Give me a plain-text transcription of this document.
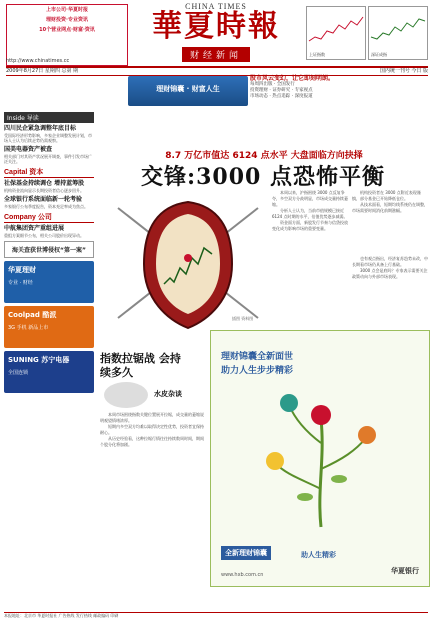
上市公司·华夏时报
理财投资·专业资讯
10个营业网点·财富·资讯
http://www.chinatimes.cc
CHINA TIMES
華夏時報
财经新闻	上证指数	深证成指
2009年8月27日 星期四 总第 期	国内统一刊号 今日 版
理财锦囊 · 财富人生
股市风云变幻，让它即刻明朗。
每周四出版 · 全国发行
投资理财 · 证券研究 · 专家视点
市场动态 · 热点追踪 · 深度报道
Inside 导读
四川民企紧急调整年底目标
受国际经济形势影响，多家企业调整发展计划，市场人士认为后续走势仍需观察。
国美电器资产被查
相关部门对其资产状况展开调查，事件引发市场广泛关注。
Capital 资本
社保基金持续调仓 增持蓝筹股
机构资金流向显示长期投资者信心逐步回升。
全球银行系统面临新一轮考验
多家银行公布季度报告，资本充足率成为焦点。
Company 公司
中航集团资产重组进展
重组方案细节公布，相关公司股价出现异动。
海关查获世博侵权“第一案”
华夏理财
专业 · 财经
Coolpad 酷派
3G 手机 新品上市
SUNING 苏宁电器
全国连锁
8.7 万亿市值达 6124 点水平 大盘面临方向抉择
交锋:3000 点恐怖平衡
插图 资料图
本周以来，沪指围绕 3000 点反复争夺，多空双方分歧明显，市场成交量持续萎缩。
分析人士认为，当前市值规模已接近 6124 点时期的水平，估值优势逐步减弱。
资金面方面，新股发行节奏与信贷投放变化成为影响市场的重要变量。
机构投资者在 3000 点附近表现谨慎，部分基金已开始降低仓位。
从技术面看，短期均线系统仍在调整，市场需要时间消化前期涨幅。
也有观点指出，经济复苏趋势未改，中长期看市场仍具备上行基础。
3000 点会是底吗？专家表示需要关注政策动向与外部市场表现。
指数拉锯战 会持续多久
水皮杂谈
本周市场围绕指数关键位置展开拉锯，成交量的萎缩说明观望情绪浓厚。
短期内多空双方均难以取得决定性优势，投资者宜保持耐心。
从历史经验看，这种拉锯行情往往持续数周时间，期间个股分化将加剧。
理财锦囊全新面世
助力人生步步精彩
全新理财锦囊	助人生精彩
www.hxb.com.cn	华夏银行
本报地址：北京市 华夏时报社 广告热线 发行热线 邮政编码 印刷
